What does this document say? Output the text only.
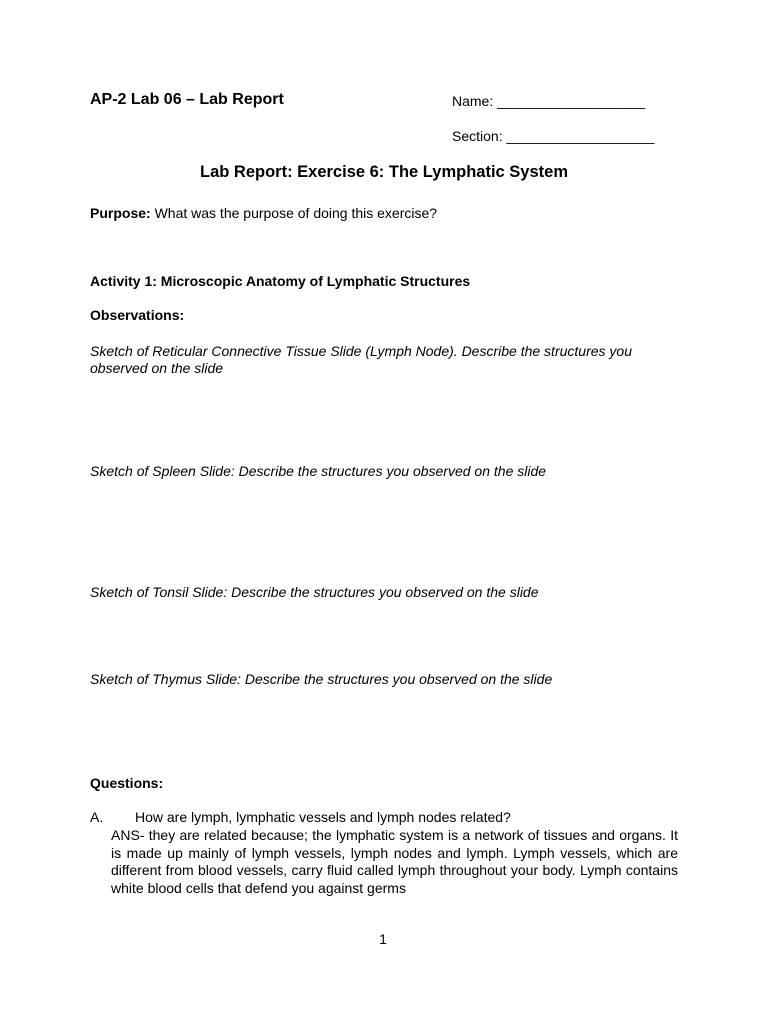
AP-2 Lab 06 – Lab Report	Name: ___________________
Section: ___________________
Lab Report: Exercise 6: The Lymphatic System
Purpose: What was the purpose of doing this exercise?
Activity 1: Microscopic Anatomy of Lymphatic Structures
Observations:
Sketch of Reticular Connective Tissue Slide (Lymph Node). Describe the structures you observed on the slide
Sketch of Spleen Slide: Describe the structures you observed on the slide
Sketch of Tonsil Slide: Describe the structures you observed on the slide
Sketch of Thymus Slide: Describe the structures you observed on the slide
Questions:
A. How are lymph, lymphatic vessels and lymph nodes related?
ANS- they are related because; the lymphatic system is a network of tissues and organs. It is made up mainly of lymph vessels, lymph nodes and lymph. Lymph vessels, which are different from blood vessels, carry fluid called lymph throughout your body. Lymph contains white blood cells that defend you against germs
1
